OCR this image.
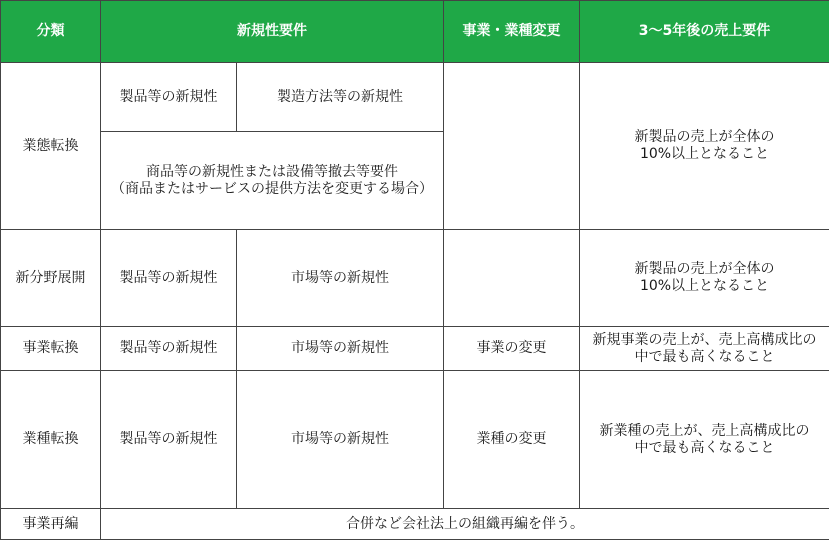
分類	新規性要件		事業・業種変更	3～5年後の売上要件
業態転換	製品等の新規性	製造方法等の新規性		新製品の売上が全体の
10%以上となること
	商品等の新規性または設備等撤去等要件
（商品またはサービスの提供方法を変更する場合）			
新分野展開	製品等の新規性	市場等の新規性		新製品の売上が全体の
10%以上となること
事業転換	製品等の新規性	市場等の新規性	事業の変更	新規事業の売上が、売上高構成比の
中で最も高くなること
業種転換	製品等の新規性	市場等の新規性	業種の変更	新業種の売上が、売上高構成比の
中で最も高くなること
事業再編	合併など会社法上の組織再編を伴う。			
